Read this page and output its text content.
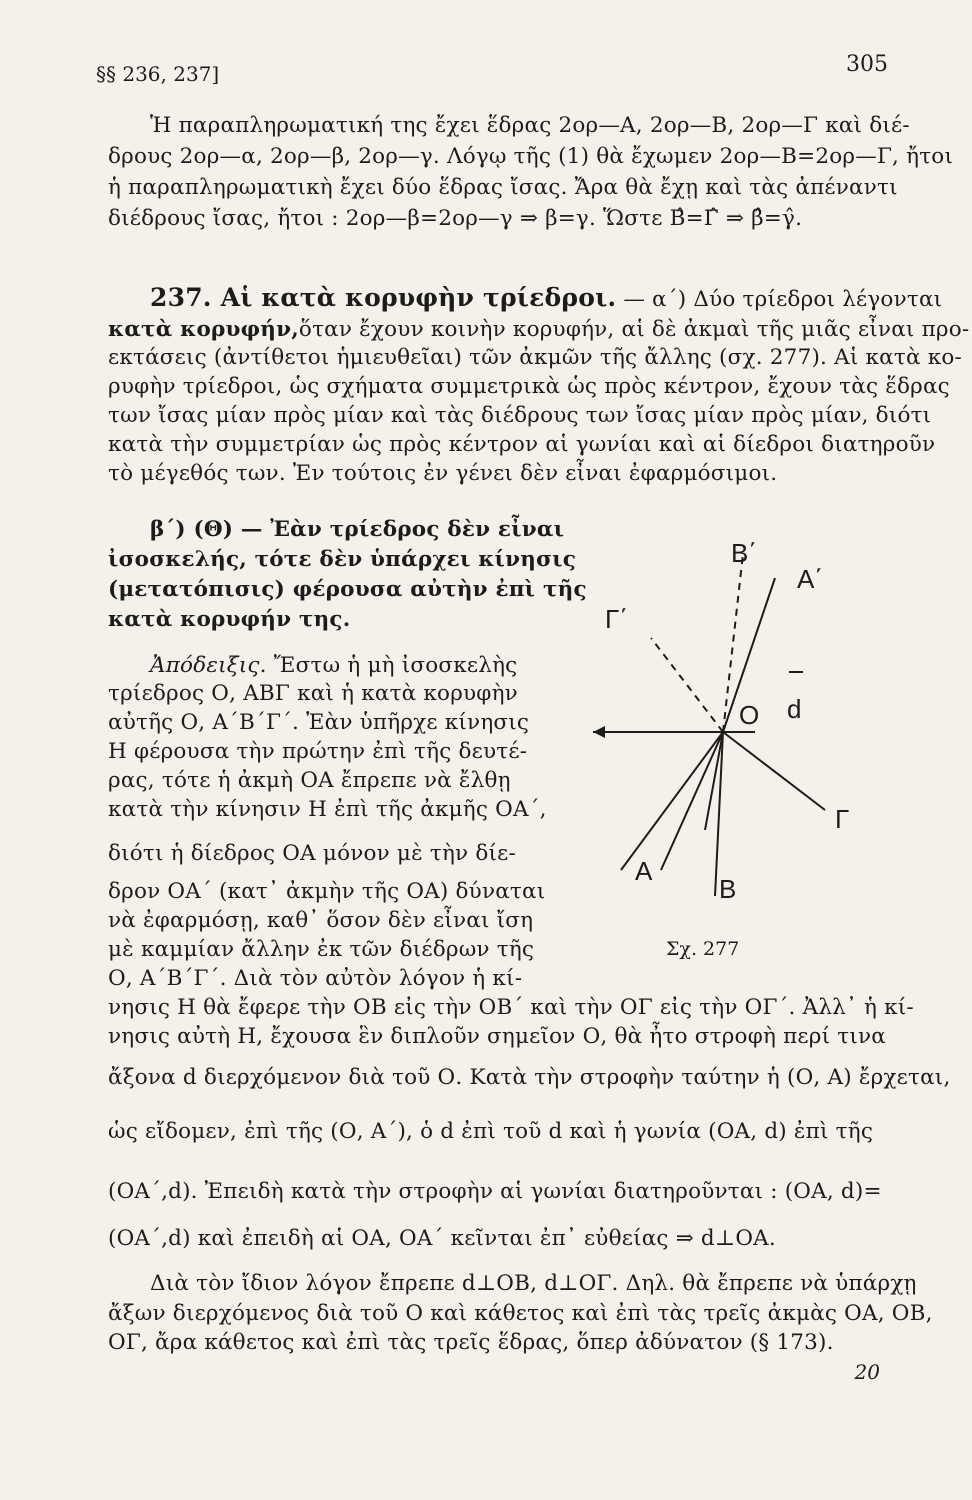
§§ 236, 237]	305
Ἡ παραπληρωματική της ἔχει ἕδρας 2ορ—Α, 2ορ—Β, 2ορ—Γ καὶ διέ-
δρους 2ορ—α, 2ορ—β, 2ορ—γ. Λόγῳ τῆς (1) θὰ ἔχωμεν 2ορ—Β=2ορ—Γ, ἤτοι
ἡ παραπληρωματικὴ ἔχει δύο ἕδρας ἴσας. Ἄρα θὰ ἔχῃ καὶ τὰς ἀπέναντι
διέδρους ἴσας, ἤτοι : 2ορ—β=2ορ—γ ⇒ β=γ. Ὥστε Β̂=Γ̂ ⇒ β̂=γ̂.
237. Αἱ κατὰ κορυφὴν τρίεδροι. — α΄) Δύο τρίεδροι λέγονται
κατὰ κορυφήν,ὅταν ἔχουν κοινὴν κορυφήν, αἱ δὲ ἀκμαὶ τῆς μιᾶς εἶναι προ-
εκτάσεις (ἀντίθετοι ἡμιευθεῖαι) τῶν ἀκμῶν τῆς ἄλλης (σχ. 277). Αἱ κατὰ κο-
ρυφὴν τρίεδροι, ὡς σχήματα συμμετρικὰ ὡς πρὸς κέντρον, ἔχουν τὰς ἕδρας
των ἴσας μίαν πρὸς μίαν καὶ τὰς διέδρους των ἴσας μίαν πρὸς μίαν, διότι
κατὰ τὴν συμμετρίαν ὡς πρὸς κέντρον αἱ γωνίαι καὶ αἱ δίεδροι διατηροῦν
τὸ μέγεθός των. Ἐν τούτοις ἐν γένει δὲν εἶναι ἐφαρμόσιμοι.
β΄) (Θ) — Ἐὰν τρίεδρος δὲν εἶναι
ἰσοσκελής, τότε δὲν ὑπάρχει κίνησις
(μετατόπισις) φέρουσα αὐτὴν ἐπὶ τῆς
κατὰ κορυφήν της.
Ἀπόδειξις. Ἔστω ἡ μὴ ἰσοσκελὴς
τρίεδρος Ο, ΑΒΓ καὶ ἡ κατὰ κορυφὴν
αὐτῆς Ο, Α΄Β΄Γ΄. Ἐὰν ὑπῆρχε κίνησις
Η φέρουσα τὴν πρώτην ἐπὶ τῆς δευτέ-
ρας, τότε ἡ ἀκμὴ ΟΑ ἔπρεπε νὰ ἔλθῃ
κατὰ τὴν κίνησιν Η ἐπὶ τῆς ἀκμῆς ΟΑ΄,
διότι ἡ δίεδρος ΟΑ μόνον μὲ τὴν δίε-
δρον ΟΑ΄ (κατ᾽ ἀκμὴν τῆς ΟΑ) δύναται
νὰ ἐφαρμόσῃ, καθ᾽ ὅσον δὲν εἶναι ἴση
μὲ καμμίαν ἄλλην ἐκ τῶν διέδρων τῆς
Ο, Α΄Β΄Γ΄. Διὰ τὸν αὐτὸν λόγον ἡ κί-
νησις Η θὰ ἔφερε τὴν ΟΒ εἰς τὴν ΟΒ΄ καὶ τὴν ΟΓ εἰς τὴν ΟΓ΄. Ἀλλ᾽ ἡ κί-
νησις αὐτὴ Η, ἔχουσα ἓν διπλοῦν σημεῖον Ο, θὰ ἦτο στροφὴ περί τινα
ἄξονα d διερχόμενον διὰ τοῦ Ο. Κατὰ τὴν στροφὴν ταύτην ἡ (Ο, Α) ἔρχεται,
ὡς εἴδομεν, ἐπὶ τῆς (Ο, Α΄), ὁ d ἐπὶ τοῦ d καὶ ἡ γωνία (ΟΑ, d) ἐπὶ τῆς
(ΟΑ΄,d). Ἐπειδὴ κατὰ τὴν στροφὴν αἱ γωνίαι διατηροῦνται : (ΟΑ, d)=
(ΟΑ΄,d) καὶ ἐπειδὴ αἱ ΟΑ, ΟΑ΄ κεῖνται ἐπ᾽ εὐθείας ⇒ d⊥ΟΑ.
Διὰ τὸν ἴδιον λόγον ἔπρεπε d⊥ΟΒ, d⊥ΟΓ. Δηλ. θὰ ἔπρεπε νὰ ὑπάρχῃ
ἄξων διερχόμενος διὰ τοῦ Ο καὶ κάθετος καὶ ἐπὶ τὰς τρεῖς ἀκμὰς ΟΑ, ΟΒ,
ΟΓ, ἄρα κάθετος καὶ ἐπὶ τὰς τρεῖς ἕδρας, ὅπερ ἀδύνατον (§ 173).
B΄
A΄
Γ΄
O d
Γ
A
B
Σχ. 277
20
